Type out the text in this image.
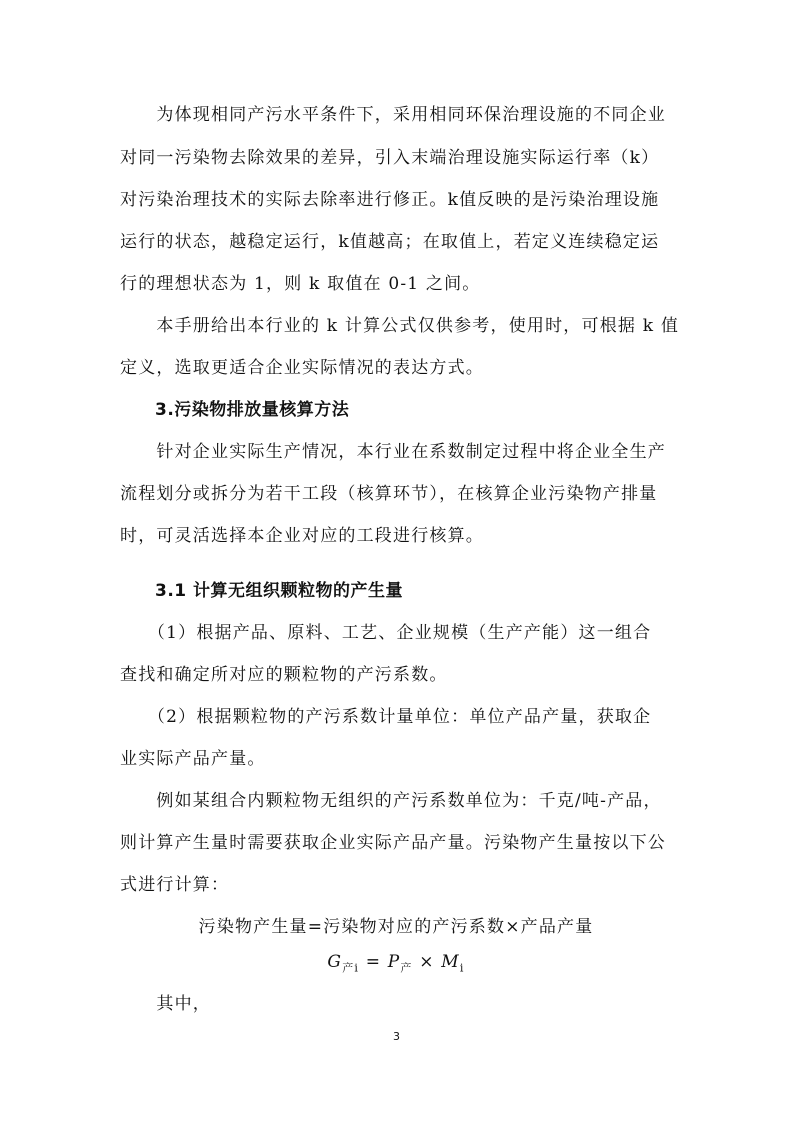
　　为体现相同产污水平条件下，采用相同环保治理设施的不同企业
对同一污染物去除效果的差异，引入末端治理设施实际运行率（k）
对污染治理技术的实际去除率进行修正。k值反映的是污染治理设施
运行的状态，越稳定运行，k值越高；在取值上，若定义连续稳定运
行的理想状态为 1，则 k 取值在 0-1 之间。
　　本手册给出本行业的 k 计算公式仅供参考，使用时，可根据 k 值
定义，选取更适合企业实际情况的表达方式。
　　3.污染物排放量核算方法
　　针对企业实际生产情况，本行业在系数制定过程中将企业全生产
流程划分或拆分为若干工段（核算环节），在核算企业污染物产排量
时，可灵活选择本企业对应的工段进行核算。
　　3.1 计算无组织颗粒物的产生量
　　（1）根据产品、原料、工艺、企业规模（生产产能）这一组合
查找和确定所对应的颗粒物的产污系数。
　　（2）根据颗粒物的产污系数计量单位：单位产品产量，获取企
业实际产品产量。
　　例如某组合内颗粒物无组织的产污系数单位为：千克/吨-产品，
则计算产生量时需要获取企业实际产品产量。污染物产生量按以下公
式进行计算：
污染物产生量=污染物对应的产污系数×产品产量
$G_{产i} = P_产 \times M_i$
　　其中，
3
